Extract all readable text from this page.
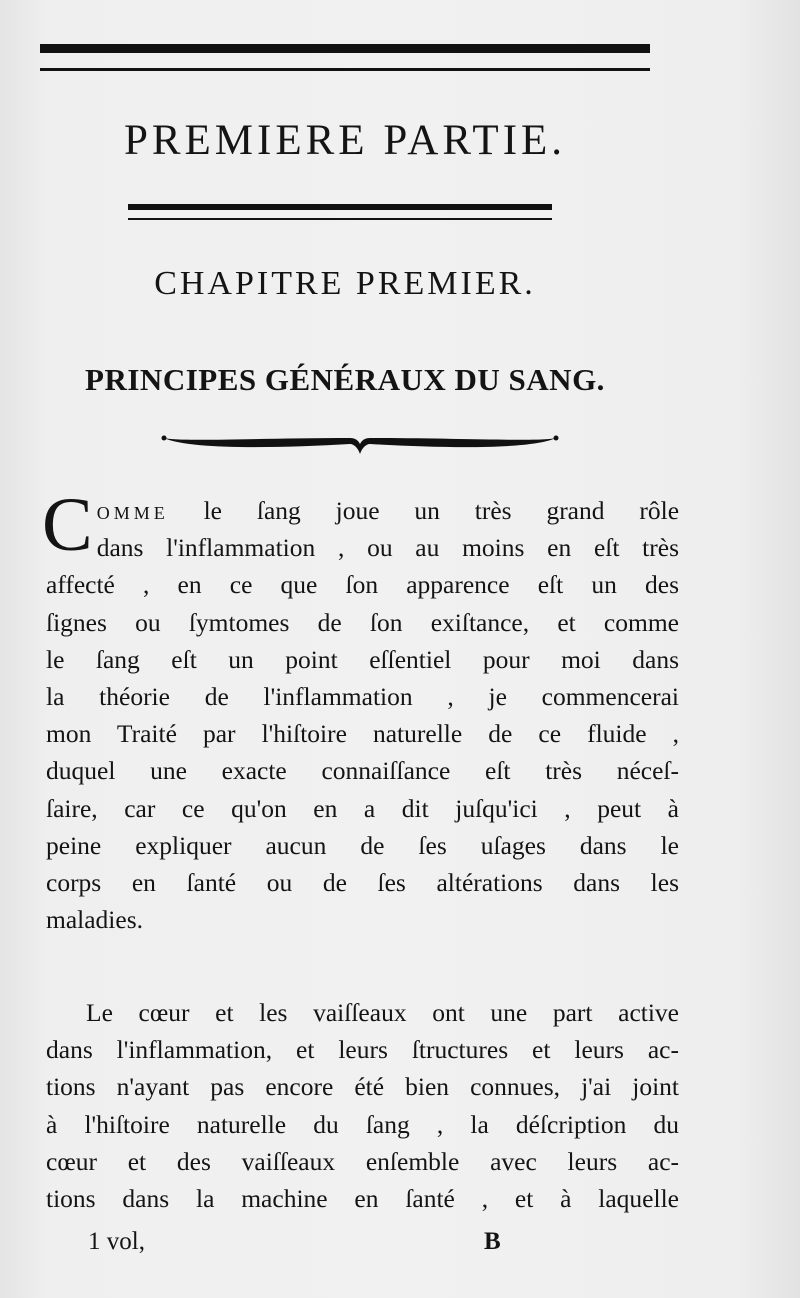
PREMIERE PARTIE.
CHAPITRE PREMIER.
PRINCIPES GÉNÉRAUX DU SANG.
C OMME le ſang joue un très grand rôle
dans l'inflammation , ou au moins en eſt très
affecté , en ce que ſon apparence eſt un des
ſignes ou ſymtomes de ſon exiſtance, et comme
le ſang eſt un point eſſentiel pour moi dans
la théorie de l'inflammation , je commencerai
mon Traité par l'hiſtoire naturelle de ce fluide ,
duquel une exacte connaiſſance eſt très néceſ-
ſaire, car ce qu'on en a dit juſqu'ici , peut à
peine expliquer aucun de ſes uſages dans le
corps en ſanté ou de ſes altérations dans les
maladies.
Le cœur et les vaiſſeaux ont une part active
dans l'inflammation, et leurs ſtructures et leurs ac-
tions n'ayant pas encore été bien connues, j'ai joint
à l'hiſtoire naturelle du ſang , la déſcription du
cœur et des vaiſſeaux enſemble avec leurs ac-
tions dans la machine en ſanté , et à laquelle
1 vol,	B
